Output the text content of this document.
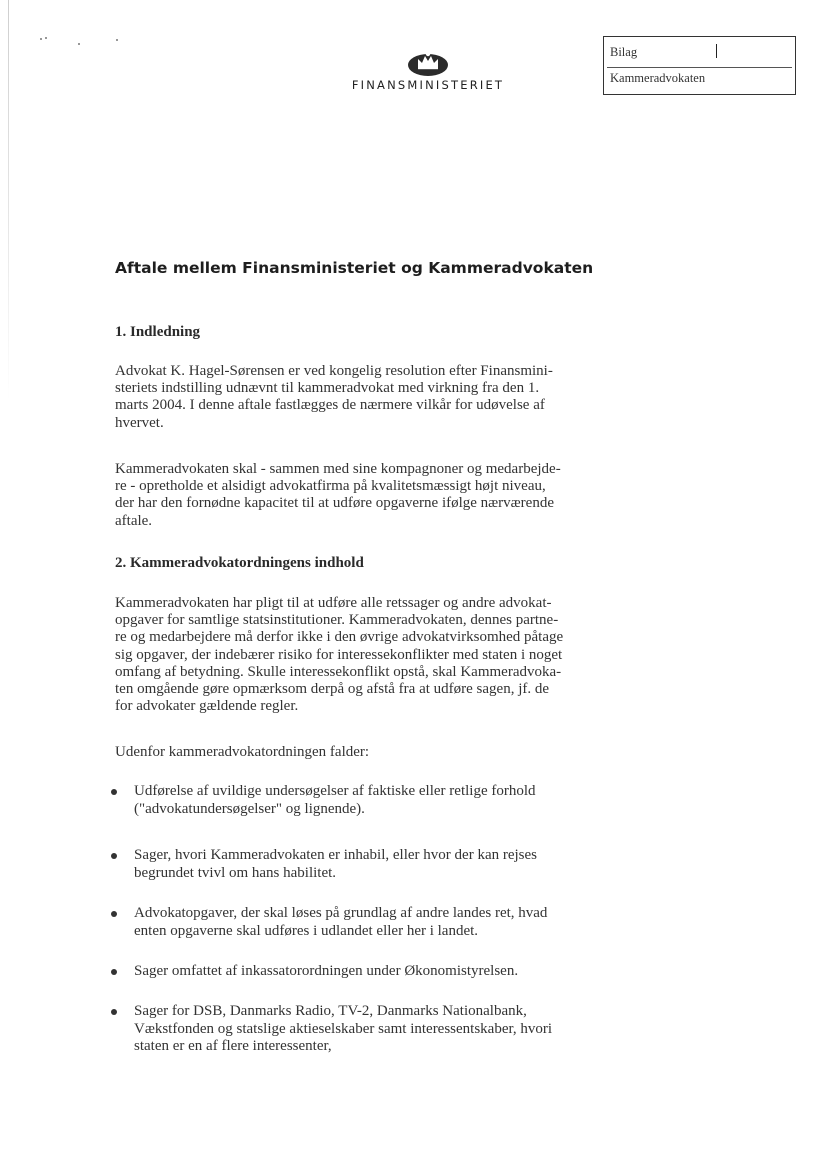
FINANSMINISTERIET
Bilag
Kammeradvokaten
Aftale mellem Finansministeriet og Kammeradvokaten
1. Indledning

Advokat K. Hagel-Sørensen er ved kongelig resolution efter Finansmini-
steriets indstilling udnævnt til kammeradvokat med virkning fra den 1.
marts 2004. I denne aftale fastlægges de nærmere vilkår for udøvelse af
hvervet.

Kammeradvokaten skal - sammen med sine kompagnoner og medarbejde-
re - opretholde et alsidigt advokatfirma på kvalitetsmæssigt højt niveau,
der har den fornødne kapacitet til at udføre opgaverne ifølge nærværende
aftale.

2. Kammeradvokatordningens indhold

Kammeradvokaten har pligt til at udføre alle retssager og andre advokat-
opgaver for samtlige statsinstitutioner. Kammeradvokaten, dennes partne-
re og medarbejdere må derfor ikke i den øvrige advokatvirksomhed påtage
sig opgaver, der indebærer risiko for interessekonflikter med staten i noget
omfang af betydning. Skulle interessekonflikt opstå, skal Kammeradvoka-
ten omgående gøre opmærksom derpå og afstå fra at udføre sagen, jf. de
for advokater gældende regler.

Udenfor kammeradvokatordningen falder:

Udførelse af uvildige undersøgelser af faktiske eller retlige forhold
("advokatundersøgelser" og lignende).
Sager, hvori Kammeradvokaten er inhabil, eller hvor der kan rejses
begrundet tvivl om hans habilitet.
Advokatopgaver, der skal løses på grundlag af andre landes ret, hvad
enten opgaverne skal udføres i udlandet eller her i landet.
Sager omfattet af inkassatorordningen under Økonomistyrelsen.
Sager for DSB, Danmarks Radio, TV-2, Danmarks Nationalbank,
Vækstfonden og statslige aktieselskaber samt interessentskaber, hvori
staten er en af flere interessenter,
